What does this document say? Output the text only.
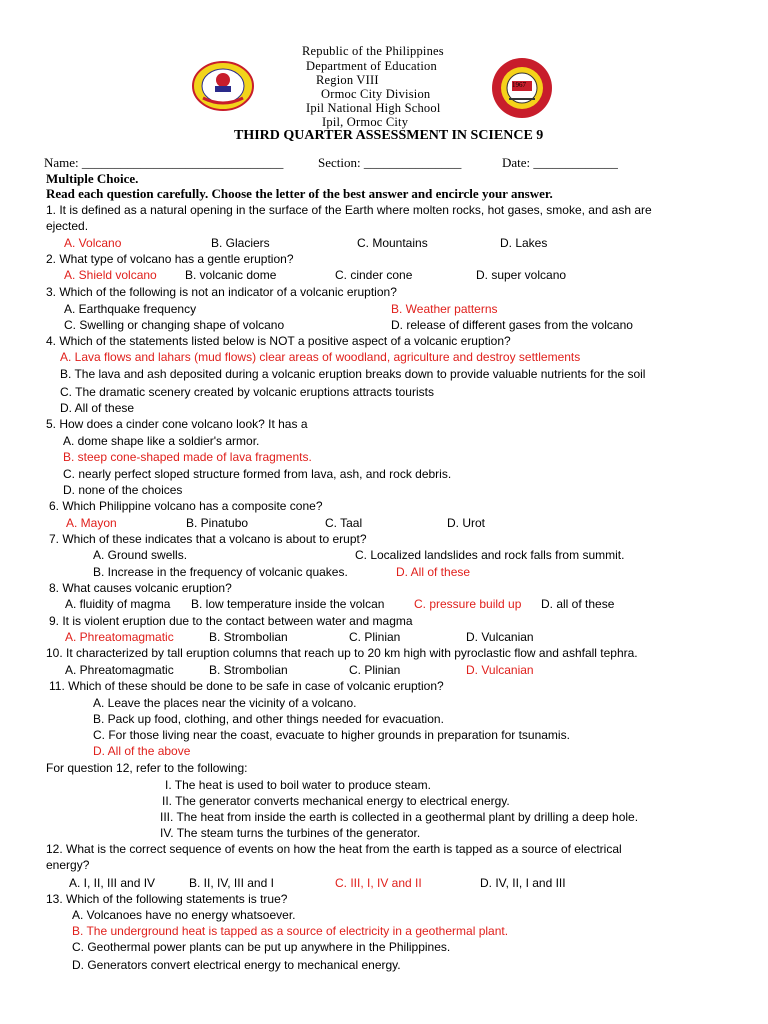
1967
Republic of the Philippines
Department of Education
Region VIII
Ormoc City Division
Ipil National High School
Ipil, Ormoc City
THIRD QUARTER ASSESSMENT IN SCIENCE 9
Name: _______________________________	Section: _______________	Date: _____________
Multiple Choice.
Read each question carefully. Choose the letter of the best answer and encircle your answer.
1. It is defined as a natural opening in the surface of the Earth where molten rocks, hot gases, smoke, and ash are
ejected.
A. Volcano	B. Glaciers	C. Mountains	D. Lakes
2. What type of volcano has a gentle eruption?
A. Shield volcano B. volcanic dome	C. cinder cone	D. super volcano
3. Which of the following is not an indicator of a volcanic eruption?
A. Earthquake frequency	B. Weather patterns
C. Swelling or changing shape of volcano	D. release of different gases from the volcano
4. Which of the statements listed below is NOT a positive aspect of a volcanic eruption?
A. Lava flows and lahars (mud flows) clear areas of woodland, agriculture and destroy settlements
B. The lava and ash deposited during a volcanic eruption breaks down to provide valuable nutrients for the soil
C. The dramatic scenery created by volcanic eruptions attracts tourists
D. All of these
5. How does a cinder cone volcano look? It has a
A. dome shape like a soldier's armor.
B. steep cone-shaped made of lava fragments.
C. nearly perfect sloped structure formed from lava, ash, and rock debris.
D. none of the choices
6. Which Philippine volcano has a composite cone?
A. Mayon	B. Pinatubo	C. Taal	D. Urot
7. Which of these indicates that a volcano is about to erupt?
A. Ground swells.	C. Localized landslides and rock falls from summit.
B. Increase in the frequency of volcanic quakes.	D. All of these
8. What causes volcanic eruption?
A. fluidity of magma B. low temperature inside the volcan C. pressure build up D. all of these
9. It is violent eruption due to the contact between water and magma
A. Phreatomagmatic	B. Strombolian	C. Plinian	D. Vulcanian
10. It characterized by tall eruption columns that reach up to 20 km high with pyroclastic flow and ashfall tephra.
A. Phreatomagmatic	B. Strombolian	C. Plinian	D. Vulcanian
11. Which of these should be done to be safe in case of volcanic eruption?
A. Leave the places near the vicinity of a volcano.
B. Pack up food, clothing, and other things needed for evacuation.
C. For those living near the coast, evacuate to higher grounds in preparation for tsunamis.
D. All of the above
For question 12, refer to the following:
I. The heat is used to boil water to produce steam.
II. The generator converts mechanical energy to electrical energy.
III. The heat from inside the earth is collected in a geothermal plant by drilling a deep hole.
IV. The steam turns the turbines of the generator.
12. What is the correct sequence of events on how the heat from the earth is tapped as a source of electrical
energy?
A. I, II, III and IV	B. II, IV, III and I	C. III, I, IV and II	D. IV, II, I and III
13. Which of the following statements is true?
A. Volcanoes have no energy whatsoever.
B. The underground heat is tapped as a source of electricity in a geothermal plant.
C. Geothermal power plants can be put up anywhere in the Philippines.
D. Generators convert electrical energy to mechanical energy.
